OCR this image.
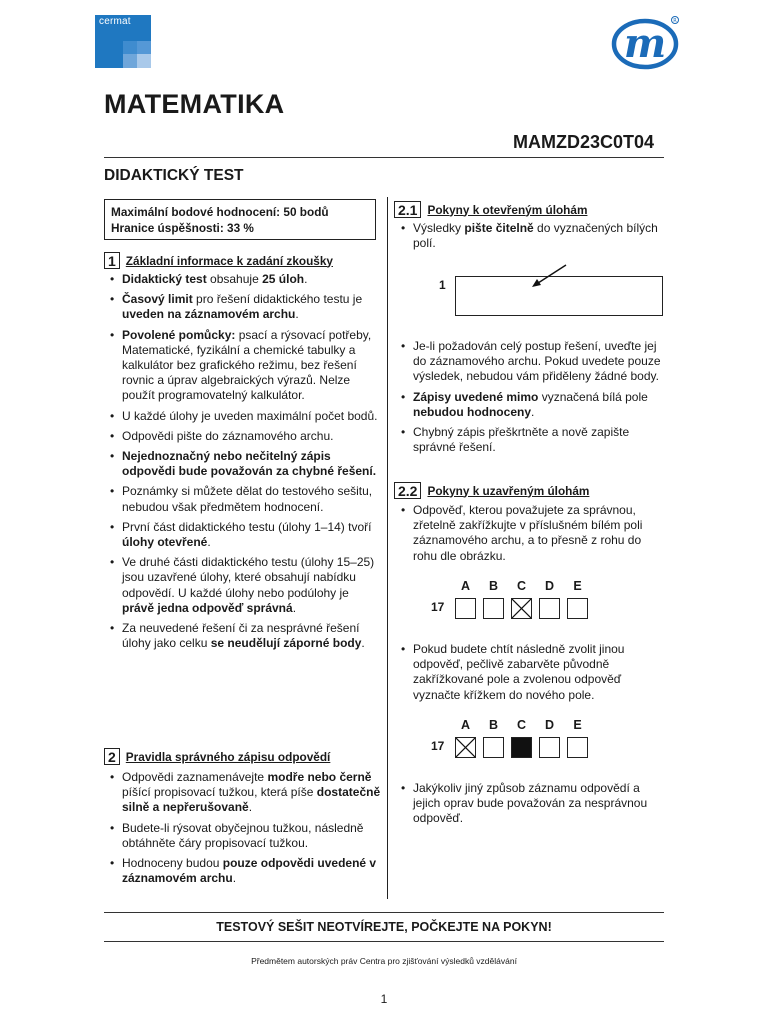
cermat	m R
MATEMATIKA
MAMZD23C0T04
DIDAKTICKÝ TEST
Maximální bodové hodnocení: 50 bodů
Hranice úspěšnosti: 33 %
1 Základní informace k zadání zkoušky
• Didaktický test obsahuje 25 úloh.
• Časový limit pro řešení didaktického testu je uveden na záznamovém archu.
• Povolené pomůcky: psací a rýsovací potřeby, Matematické, fyzikální a chemické tabulky a kalkulátor bez grafického režimu, bez řešení rovnic a úprav algebraických výrazů. Nelze použít programovatelný kalkulátor.
• U každé úlohy je uveden maximální počet bodů.
• Odpovědi pište do záznamového archu.
• Nejednoznačný nebo nečitelný zápis odpovědi bude považován za chybné řešení.
• Poznámky si můžete dělat do testového sešitu, nebudou však předmětem hodnocení.
• První část didaktického testu (úlohy 1–14) tvoří úlohy otevřené.
• Ve druhé části didaktického testu (úlohy 15–25) jsou uzavřené úlohy, které obsahují nabídku odpovědí. U každé úlohy nebo podúlohy je právě jedna odpověď správná.
• Za neuvedené řešení či za nesprávné řešení úlohy jako celku se neudělují záporné body.
2 Pravidla správného zápisu odpovědí
• Odpovědi zaznamenávejte modře nebo černě píšící propisovací tužkou, která píše dostatečně silně a nepřerušovaně.
• Budete-li rýsovat obyčejnou tužkou, následně obtáhněte čáry propisovací tužkou.
• Hodnoceny budou pouze odpovědi uvedené v záznamovém archu.
2.1 Pokyny k otevřeným úlohám
• Výsledky pište čitelně do vyznačených bílých polí.
1
• Je-li požadován celý postup řešení, uveďte jej do záznamového archu. Pokud uvedete pouze výsledek, nebudou vám přiděleny žádné body.
• Zápisy uvedené mimo vyznačená bílá pole nebudou hodnoceny.
• Chybný zápis přeškrtněte a nově zapište správné řešení.
2.2 Pokyny k uzavřeným úlohám
• Odpověď, kterou považujete za správnou, zřetelně zakřížkujte v příslušném bílém poli záznamového archu, a to přesně z rohu do rohu dle obrázku.
A	B	C	D	E
17
• Pokud budete chtít následně zvolit jinou odpověď, pečlivě zabarvěte původně zakřížkované pole a zvolenou odpověď vyznačte křížkem do nového pole.
A	B	C	D	E
17
• Jakýkoliv jiný způsob záznamu odpovědí a jejich oprav bude považován za nesprávnou odpověď.
TESTOVÝ SEŠIT NEOTVÍREJTE, POČKEJTE NA POKYN!
Předmětem autorských práv Centra pro zjišťování výsledků vzdělávání
1
